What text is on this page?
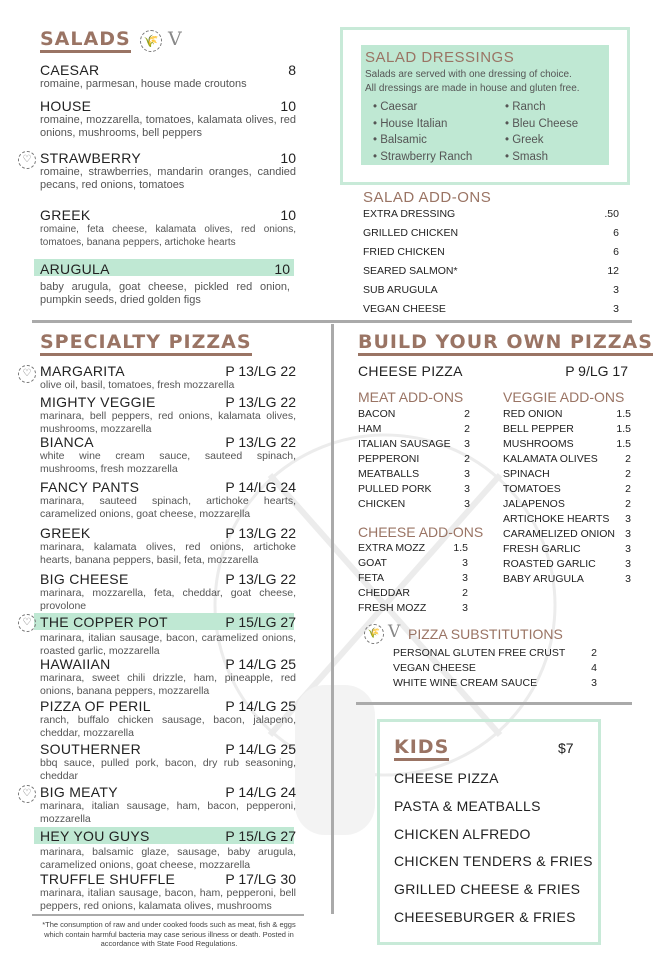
SALADS 🌾 V
CAESAR	8
romaine, parmesan, house made croutons
HOUSE	10
romaine, mozzarella, tomatoes, kalamata olives, red onions, mushrooms, bell peppers
♡ STRAWBERRY	10
romaine, strawberries, mandarin oranges, candied pecans, red onions, tomatoes
GREEK	10
romaine, feta cheese, kalamata olives, red onions, tomatoes, banana peppers, artichoke hearts
ARUGULA	10
baby arugula, goat cheese, pickled red onion, pumpkin seeds, dried golden figs
SALAD DRESSINGS
Salads are served with one dressing of choice.
All dressings are made in house and gluten free.
• Caesar
• House Italian
• Balsamic
• Strawberry Ranch
• Ranch
• Bleu Cheese
• Greek
• Smash
SALAD ADD-ONS
EXTRA DRESSING	.50
GRILLED CHICKEN	6
FRIED CHICKEN	6
SEARED SALMON*	12
SUB ARUGULA	3
VEGAN CHEESE	3
SPECIALTY PIZZAS
♡ MARGARITA	P 13/LG 22
olive oil, basil, tomatoes, fresh mozzarella
MIGHTY VEGGIE	P 13/LG 22
marinara, bell peppers, red onions, kalamata olives, mushrooms, mozzarella
BIANCA	P 13/LG 22
white wine cream sauce, sauteed spinach, mushrooms, fresh mozzarella
FANCY PANTS	P 14/LG 24
marinara, sauteed spinach, artichoke hearts, caramelized onions, goat cheese, mozzarella
GREEK	P 13/LG 22
marinara, kalamata olives, red onions, artichoke hearts, banana peppers, basil, feta, mozzarella
BIG CHEESE	P 13/LG 22
marinara, mozzarella, feta, cheddar, goat cheese, provolone
♡ THE COPPER POT	P 15/LG 27
marinara, italian sausage, bacon, caramelized onions, roasted garlic, mozzarella
HAWAIIAN	P 14/LG 25
marinara, sweet chili drizzle, ham, pineapple, red onions, banana peppers, mozzarella
PIZZA OF PERIL	P 14/LG 25
ranch, buffalo chicken sausage, bacon, jalapeno, cheddar, mozzarella
SOUTHERNER	P 14/LG 25
bbq sauce, pulled pork, bacon, dry rub seasoning, cheddar
♡ BIG MEATY	P 14/LG 24
marinara, italian sausage, ham, bacon, pepperoni, mozzarella
HEY YOU GUYS	P 15/LG 27
marinara, balsamic glaze, sausage, baby arugula, caramelized onions, goat cheese, mozzarella
TRUFFLE SHUFFLE	P 17/LG 30
marinara, italian sausage, bacon, ham, pepperoni, bell peppers, red onions, kalamata olives, mushrooms
*The consumption of raw and under cooked foods such as meat, fish & eggs which contain harmful bacteria may case serious illness or death. Posted in accordance with State Food Regulations.
BUILD YOUR OWN PIZZAS
CHEESE PIZZA	P 9/LG 17
MEAT ADD-ONS
BACON	2
HAM	2
ITALIAN SAUSAGE 3
PEPPERONI	2
MEATBALLS	3
PULLED PORK	3
CHICKEN	3
VEGGIE ADD-ONS
RED ONION	1.5
BELL PEPPER	1.5
MUSHROOMS	1.5
KALAMATA OLIVES	2
SPINACH	2
TOMATOES	2
JALAPENOS	2
ARTICHOKE HEARTS 3
CARAMELIZED ONION 3
FRESH GARLIC	3
ROASTED GARLIC	3
BABY ARUGULA	3
CHEESE ADD-ONS
EXTRA MOZZ	1.5
GOAT	3
FETA	3
CHEDDAR	2
FRESH MOZZ	3
🌾 V PIZZA SUBSTITUTIONS
PERSONAL GLUTEN FREE CRUST 2
VEGAN CHEESE	4
WHITE WINE CREAM SAUCE	3
KIDS	$7
CHEESE PIZZA
PASTA & MEATBALLS
CHICKEN ALFREDO
CHICKEN TENDERS & FRIES
GRILLED CHEESE & FRIES
CHEESEBURGER & FRIES
